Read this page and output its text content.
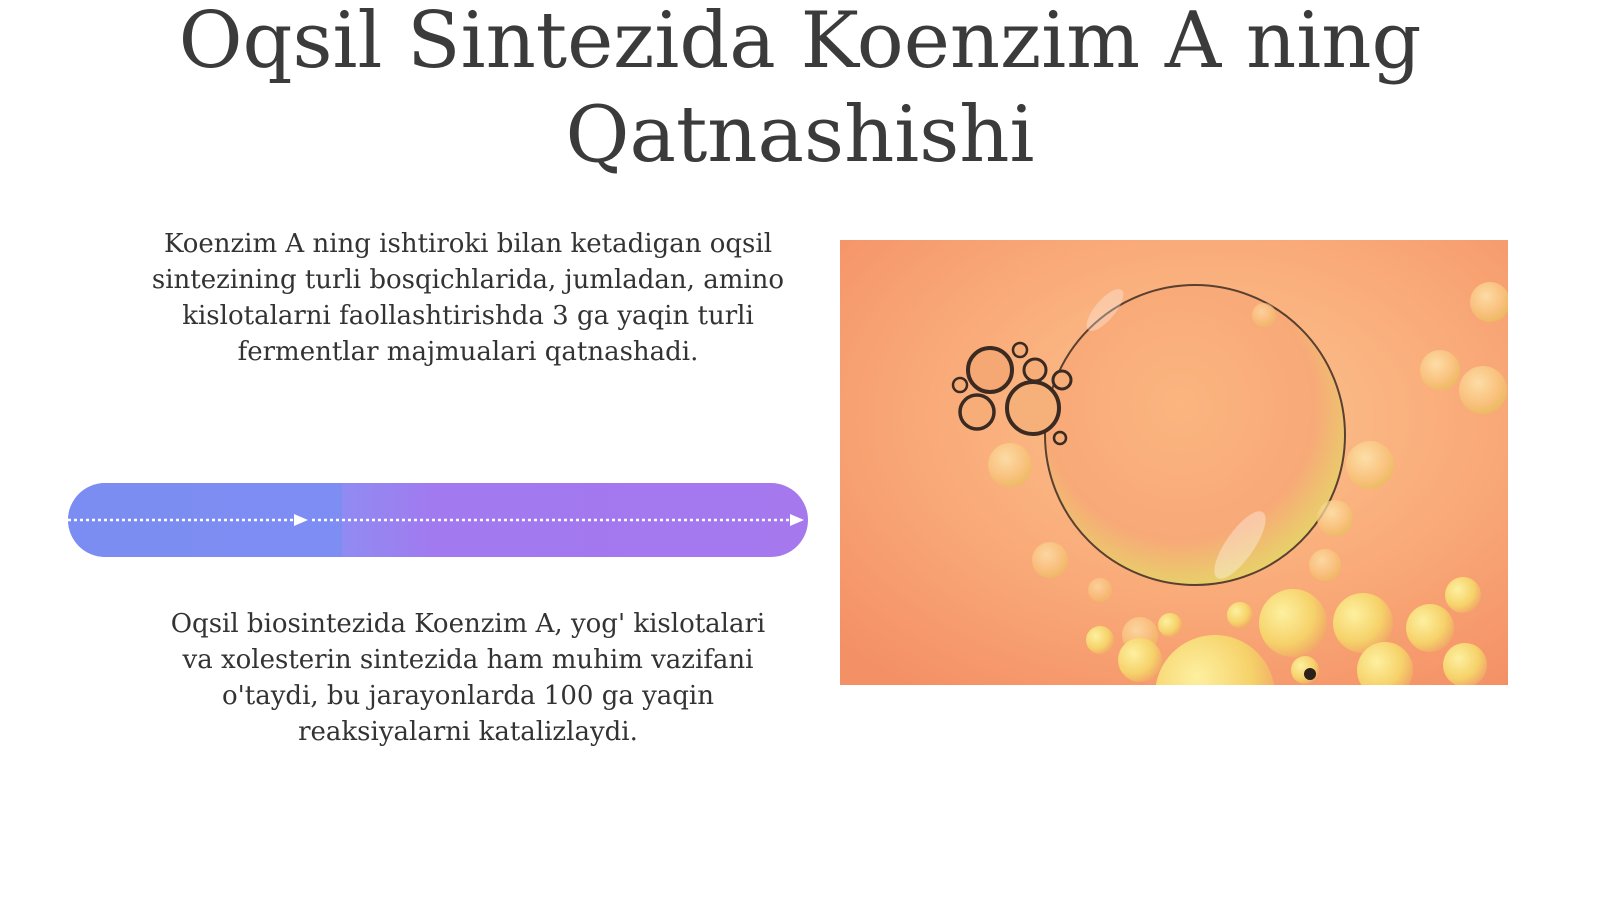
Oqsil Sintezida Koenzim A ning Qatnashishi

Koenzim A ning ishtiroki bilan ketadigan oqsil sintezining turli bosqichlarida, jumladan, amino kislotalarni faollashtirishda 3 ga yaqin turli fermentlar majmualari qatnashadi.

Oqsil biosintezida Koenzim A, yog' kislotalari va xolesterin sintezida ham muhim vazifani o'taydi, bu jarayonlarda 100 ga yaqin reaksiyalarni katalizlaydi.
